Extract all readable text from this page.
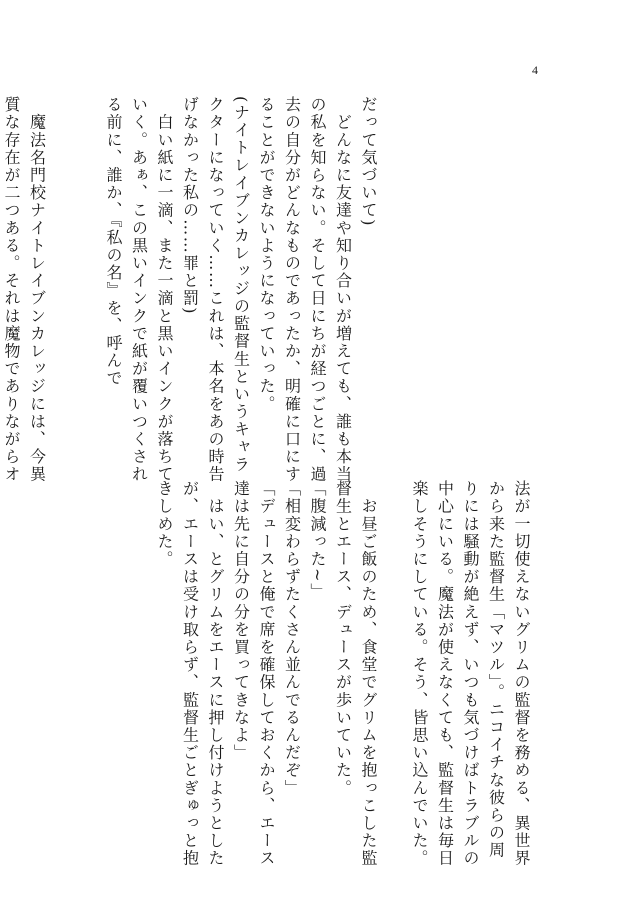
4
だって気づいて)
　どんなに友達や知り合いが増えても、誰も本当
の私を知らない。そして日にちが経つごとに、過
去の自分がどんなものであったか、明確に口にす
ることができないようになっていった。
(ナイトレイブンカレッジの監督生というキャラ
クターになっていく……これは、本名をあの時告
げなかった私の……罪と罰)
　白い紙に一滴、また一滴と黒いインクが落ちて
いく。あぁ、この黒いインクで紙が覆いつくされ
る前に、誰か、『私の名』を、呼んで
　魔法名門校ナイトレイブンカレッジには、今異
質な存在が二つある。それは魔物でありながらオ
法が一切使えないグリムの監督を務める、異世界
から来た監督生「マツル」。ニコイチな彼らの周
りには騒動が絶えず、いつも気づけばトラブルの
中心にいる。魔法が使えなくても、監督生は毎日
楽しそうにしている。そう、皆思い込んでいた。
　お昼ご飯のため、食堂でグリムを抱っこした監
督生とエース、デュースが歩いていた。
「腹減った~」
「相変わらずたくさん並んでるんだぞ」
「デュースと俺で席を確保しておくから、エース
達は先に自分の分を買ってきなよ」
　はい、とグリムをエースに押し付けようとした
が、エースは受け取らず、監督生ごとぎゅっと抱
きしめた。
